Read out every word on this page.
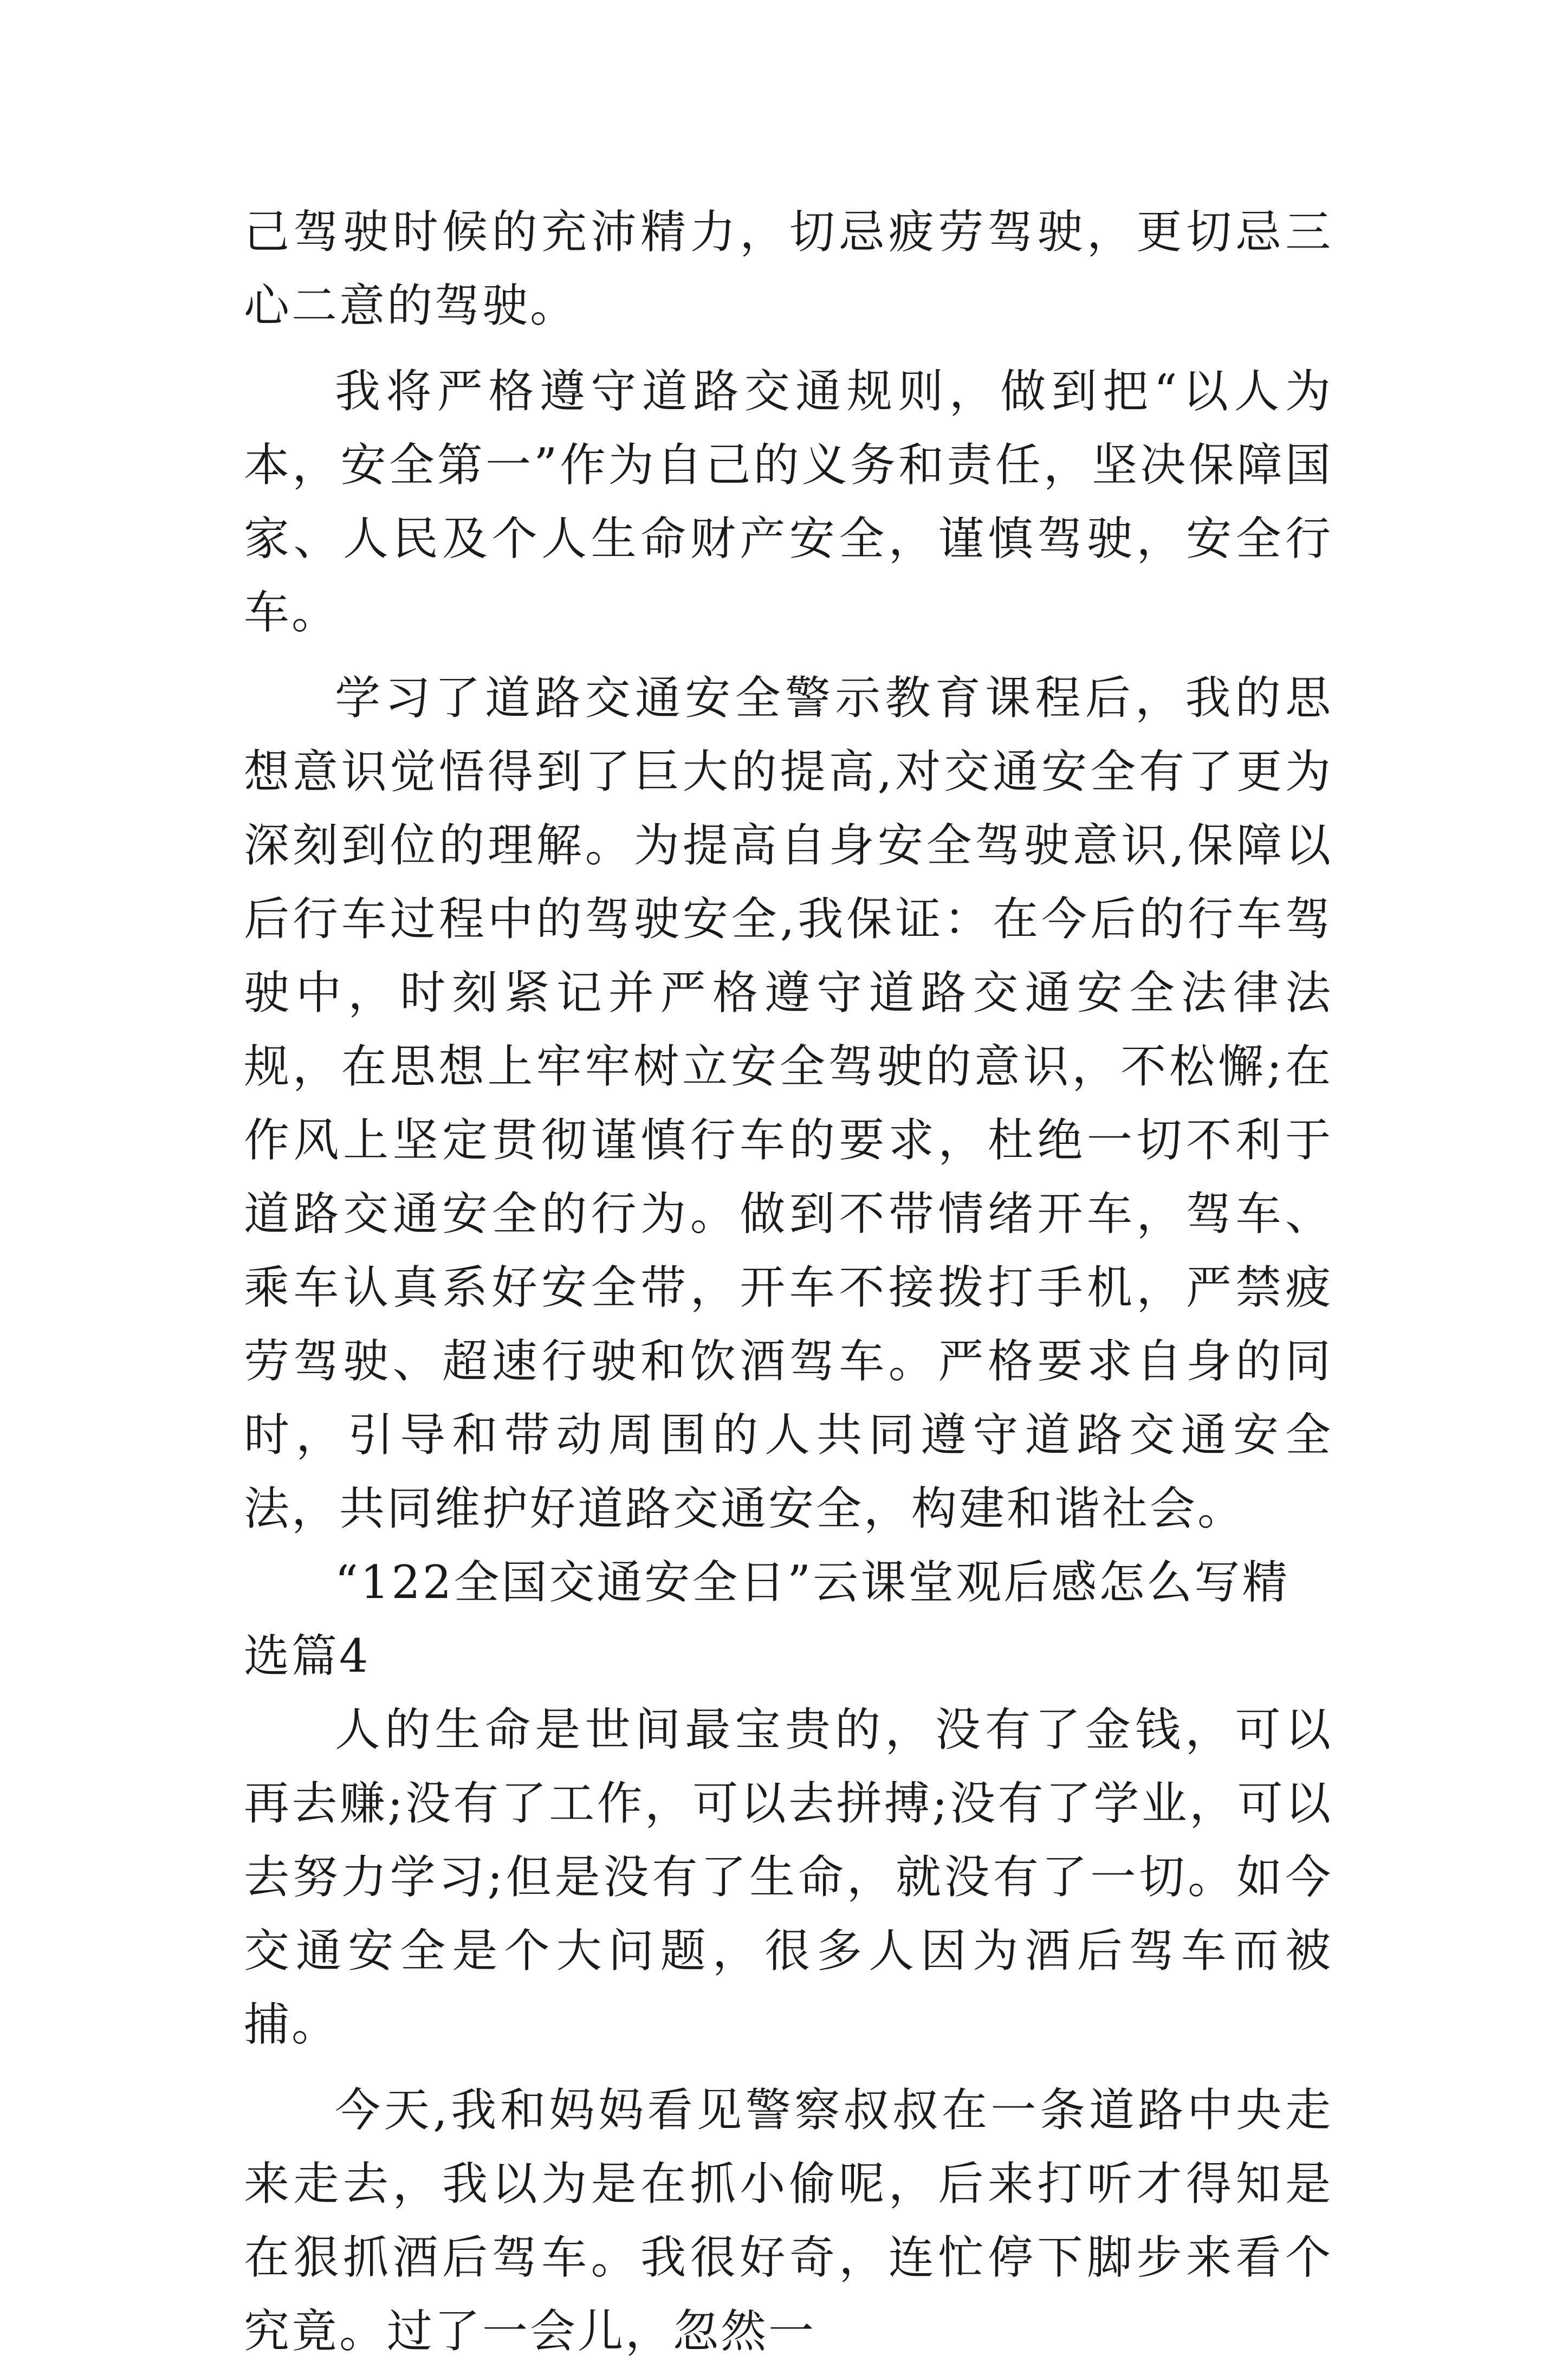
己驾驶时候的充沛精力，切忌疲劳驾驶，更切忌三心二意的驾驶。

我将严格遵守道路交通规则，做到把“以人为本，安全第一”作为自己的义务和责任，坚决保障国家、人民及个人生命财产安全，谨慎驾驶，安全行车。

学习了道路交通安全警示教育课程后，我的思想意识觉悟得到了巨大的提高,对交通安全有了更为深刻到位的理解。为提高自身安全驾驶意识,保障以后行车过程中的驾驶安全,我保证：在今后的行车驾驶中，时刻紧记并严格遵守道路交通安全法律法规，在思想上牢牢树立安全驾驶的意识，不松懈;在作风上坚定贯彻谨慎行车的要求，杜绝一切不利于道路交通安全的行为。做到不带情绪开车，驾车、乘车认真系好安全带，开车不接拨打手机，严禁疲劳驾驶、超速行驶和饮酒驾车。严格要求自身的同时，引导和带动周围的人共同遵守道路交通安全法，共同维护好道路交通安全，构建和谐社会。

“122全国交通安全日”云课堂观后感怎么写精选篇4

人的生命是世间最宝贵的，没有了金钱，可以再去赚;没有了工作，可以去拼搏;没有了学业，可以去努力学习;但是没有了生命，就没有了一切。如今交通安全是个大问题，很多人因为酒后驾车而被捕。

今天,我和妈妈看见警察叔叔在一条道路中央走来走去，我以为是在抓小偷呢，后来打听才得知是在狠抓酒后驾车。我很好奇，连忙停下脚步来看个究竟。过了一会儿，忽然一
